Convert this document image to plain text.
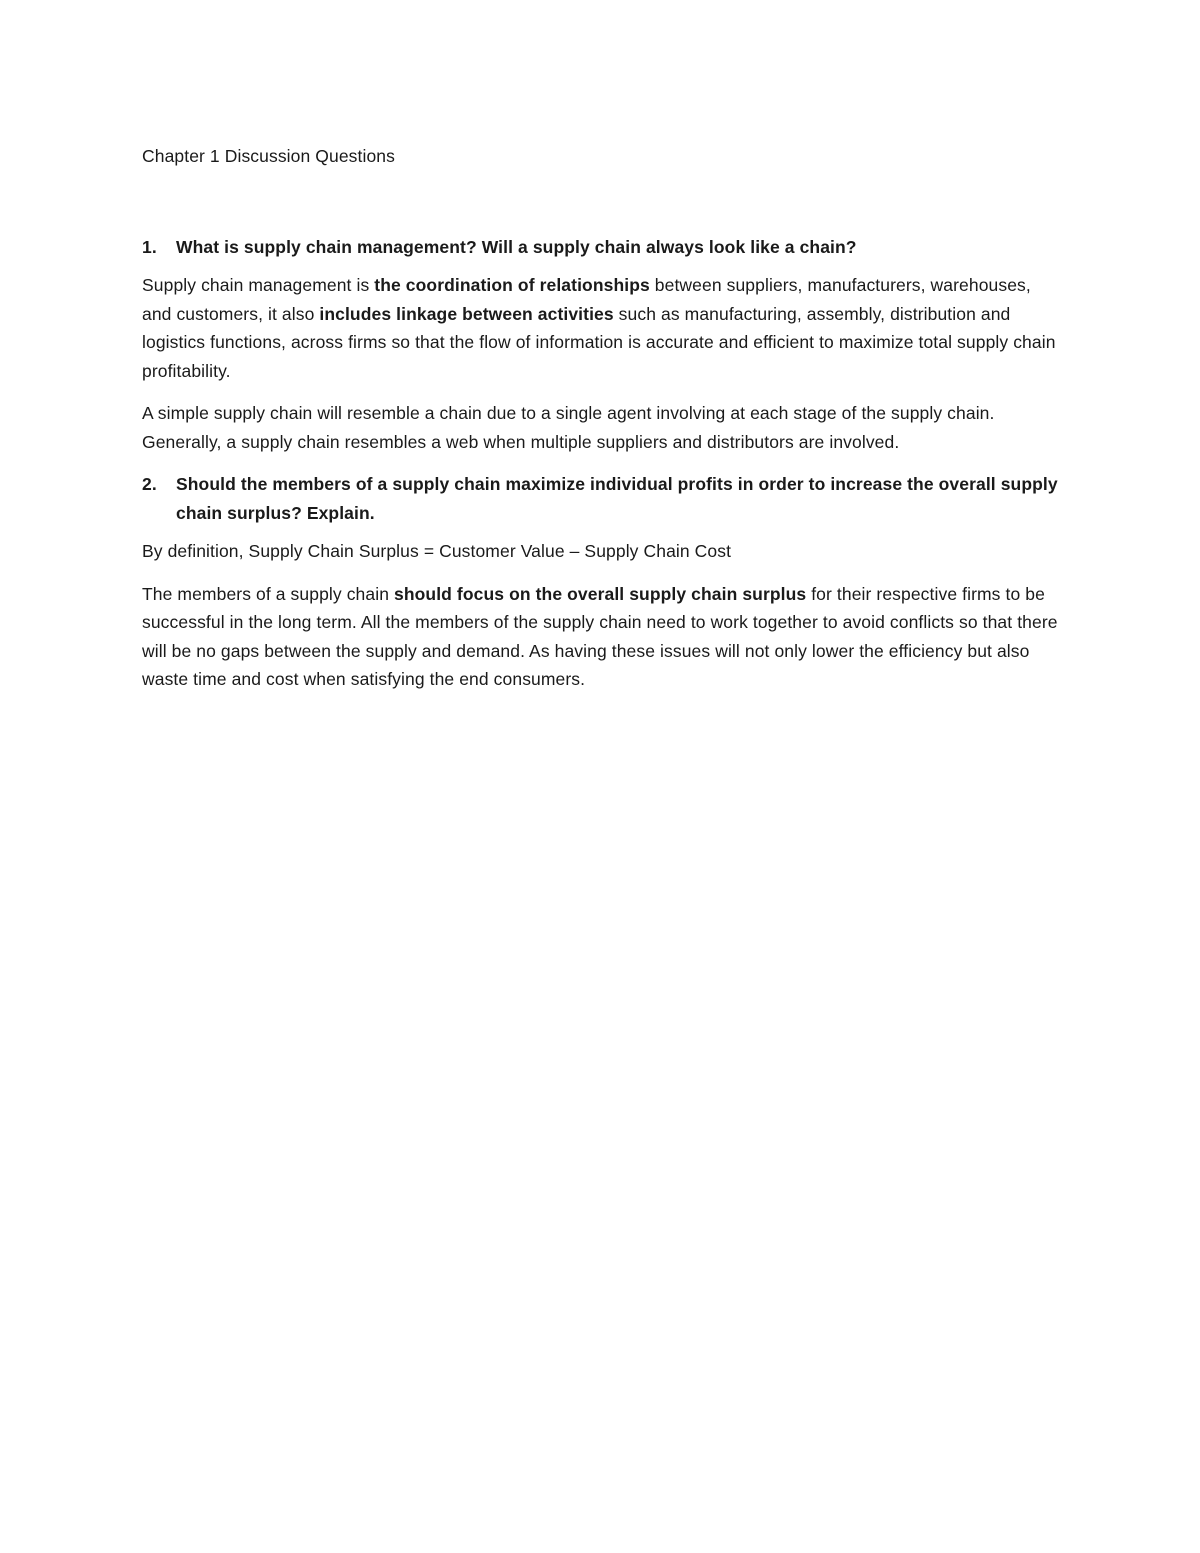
Chapter 1 Discussion Questions

1.	What is supply chain management? Will a supply chain always look like a chain?

Supply chain management is the coordination of relationships between suppliers, manufacturers, warehouses, and customers, it also includes linkage between activities such as manufacturing, assembly, distribution and logistics functions, across firms so that the flow of information is accurate and efficient to maximize total supply chain profitability.

A simple supply chain will resemble a chain due to a single agent involving at each stage of the supply chain. Generally, a supply chain resembles a web when multiple suppliers and distributors are involved.

2.	Should the members of a supply chain maximize individual profits in order to increase the overall supply chain surplus? Explain.

By definition, Supply Chain Surplus = Customer Value – Supply Chain Cost

The members of a supply chain should focus on the overall supply chain surplus for their respective firms to be successful in the long term. All the members of the supply chain need to work together to avoid conflicts so that there will be no gaps between the supply and demand. As having these issues will not only lower the efficiency but also waste time and cost when satisfying the end consumers.
